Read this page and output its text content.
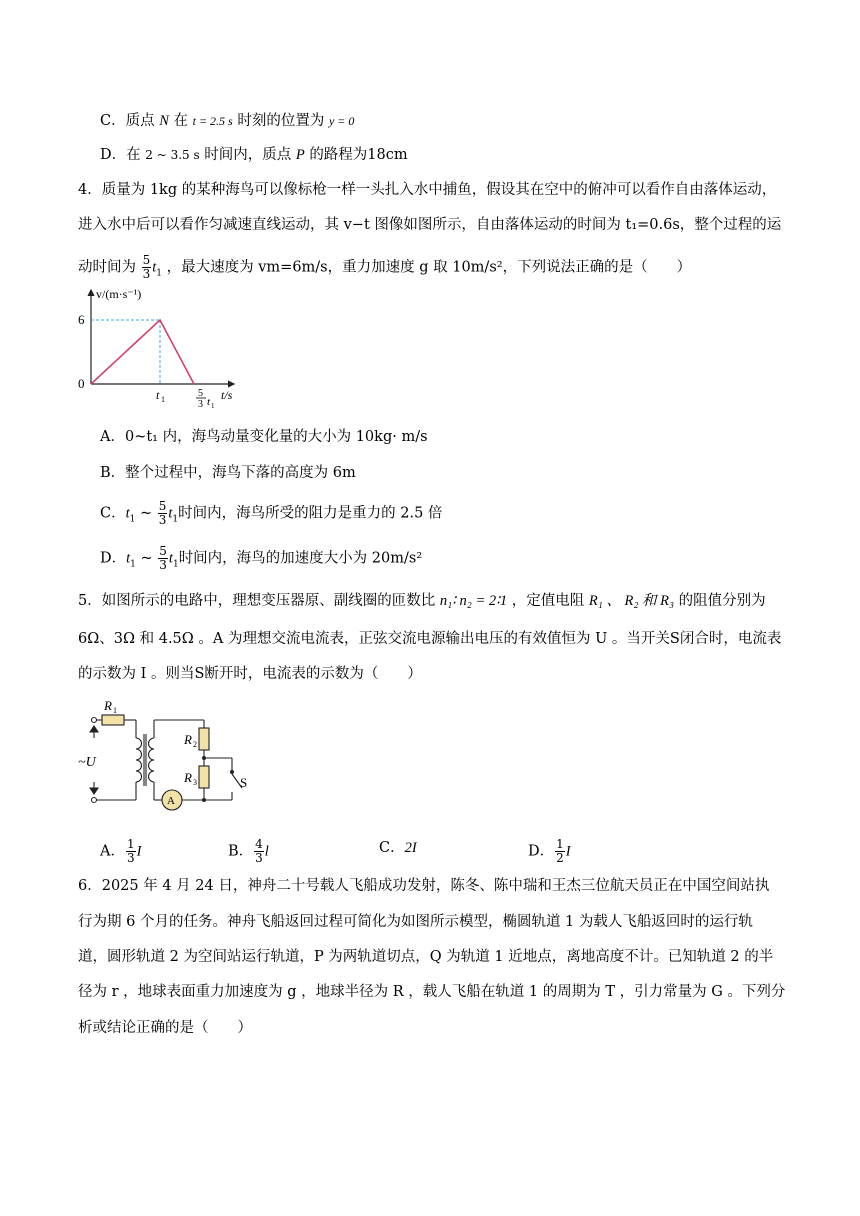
C．质点 N 在 t = 2.5 s 时刻的位置为 y = 0
D．在 2 ~ 3.5 s 时间内，质点 P 的路程为18cm
4．质量为 1kg 的某种海鸟可以像标枪一样一头扎入水中捕鱼，假设其在空中的俯冲可以看作自由落体运动，
进入水中后可以看作匀减速直线运动，其 v−t 图像如图所示，自由落体运动的时间为 t₁=0.6s，整个过程的运
动时间为 $\frac{5}{3} t_1$ ，最大速度为 vm=6m/s，重力加速度 g 取 10m/s²，下列说法正确的是（　　）
v/(m·s⁻¹)
6
0
t 1
5
3 t 1
t/s
A．0~t₁ 内，海鸟动量变化量的大小为 10kg· m/s
B．整个过程中，海鸟下落的高度为 6m
C．$t_1$ ~ $\frac{5}{3} t_1$时间内，海鸟所受的阻力是重力的 2.5 倍
D．$t_1$ ~ $\frac{5}{3} t_1$时间内，海鸟的加速度大小为 20m/s²
5．如图所示的电路中，理想变压器原、副线圈的匝数比 n₁∶ n₂ = 2∶1 ，定值电阻 R₁ 、 R₂ 和 R₃ 的阻值分别为
6Ω、3Ω 和 4.5Ω 。A 为理想交流电流表，正弦交流电源输出电压的有效值恒为 U 。当开关S闭合时，电流表
的示数为 I 。则当S断开时，电流表的示数为（　　）
R 1
R 2
R 3
~U
A
S
A． $\frac{1}{3}$ I	B． $\frac{4}{3}$ l	C．2I	D． $\frac{1}{2}$ I
6．2025 年 4 月 24 日，神舟二十号载人飞船成功发射，陈冬、陈中瑞和王杰三位航天员正在中国空间站执
行为期 6 个月的任务。神舟飞船返回过程可简化为如图所示模型，椭圆轨道 1 为载人飞船返回时的运行轨
道，圆形轨道 2 为空间站运行轨道，P 为两轨道切点，Q 为轨道 1 近地点，离地高度不计。已知轨道 2 的半
径为 r ，地球表面重力加速度为 g ，地球半径为 R ，载人飞船在轨道 1 的周期为 T ，引力常量为 G 。下列分
析或结论正确的是（　　）
